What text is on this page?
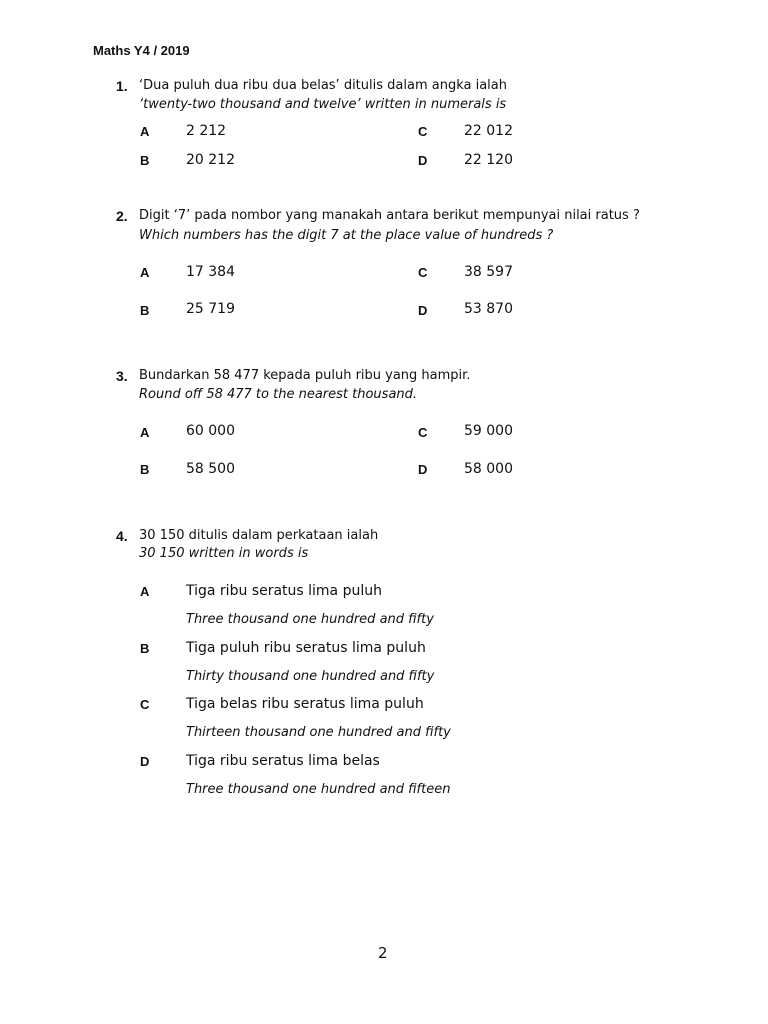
Maths Y4 / 2019
1. ‘Dua puluh dua ribu dua belas’ ditulis dalam angka ialah
‘twenty-two thousand and twelve’ written in numerals is
A	2 212
B	20 212
C	22 012
D	22 120
2. Digit ‘7’ pada nombor yang manakah antara berikut mempunyai nilai ratus ?
Which numbers has the digit 7 at the place value of hundreds ?
A	17 384
B	25 719
C	38 597
D	53 870
3. Bundarkan 58 477 kepada puluh ribu yang hampir.
Round off 58 477 to the nearest thousand.
A	60 000
B	58 500
C	59 000
D	58 000
4. 30 150 ditulis dalam perkataan ialah
30 150 written in words is
A	Tiga ribu seratus lima puluh
Three thousand one hundred and fifty
B	Tiga puluh ribu seratus lima puluh
Thirty thousand one hundred and fifty
C	Tiga belas ribu seratus lima puluh
Thirteen thousand one hundred and fifty
D	Tiga ribu seratus lima belas
Three thousand one hundred and fifteen
2
